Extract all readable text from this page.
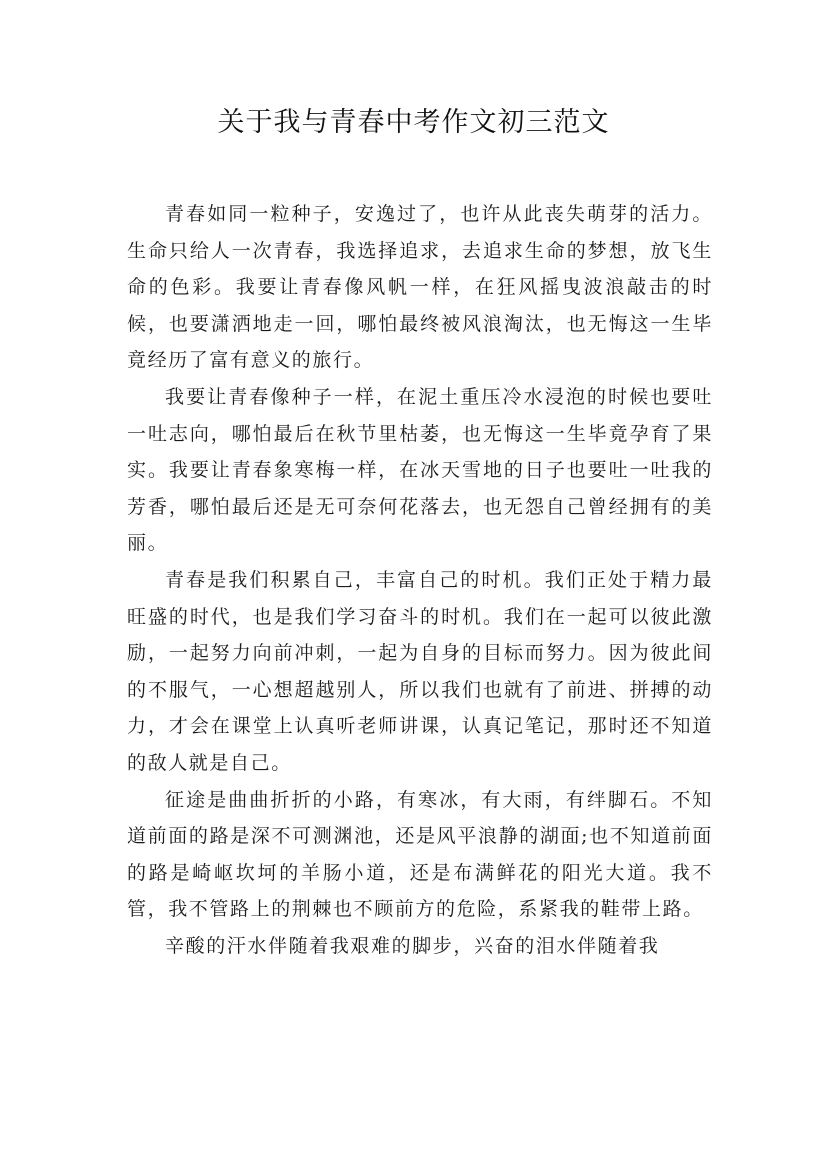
关于我与青春中考作文初三范文

青春如同一粒种子，安逸过了，也许从此丧失萌芽的活力。生命只给人一次青春，我选择追求，去追求生命的梦想，放飞生命的色彩。我要让青春像风帆一样，在狂风摇曳波浪敲击的时候，也要潇洒地走一回，哪怕最终被风浪淘汰，也无悔这一生毕竟经历了富有意义的旅行。

我要让青春像种子一样，在泥土重压冷水浸泡的时候也要吐一吐志向，哪怕最后在秋节里枯萎，也无悔这一生毕竟孕育了果实。我要让青春象寒梅一样，在冰天雪地的日子也要吐一吐我的芳香，哪怕最后还是无可奈何花落去，也无怨自己曾经拥有的美丽。

青春是我们积累自己，丰富自己的时机。我们正处于精力最旺盛的时代，也是我们学习奋斗的时机。我们在一起可以彼此激励，一起努力向前冲刺，一起为自身的目标而努力。因为彼此间的不服气，一心想超越别人，所以我们也就有了前进、拼搏的动力，才会在课堂上认真听老师讲课，认真记笔记，那时还不知道的敌人就是自己。

征途是曲曲折折的小路，有寒冰，有大雨，有绊脚石。不知道前面的路是深不可测渊池，还是风平浪静的湖面;也不知道前面的路是崎岖坎坷的羊肠小道，还是布满鲜花的阳光大道。我不管，我不管路上的荆棘也不顾前方的危险，系紧我的鞋带上路。

辛酸的汗水伴随着我艰难的脚步，兴奋的泪水伴随着我
